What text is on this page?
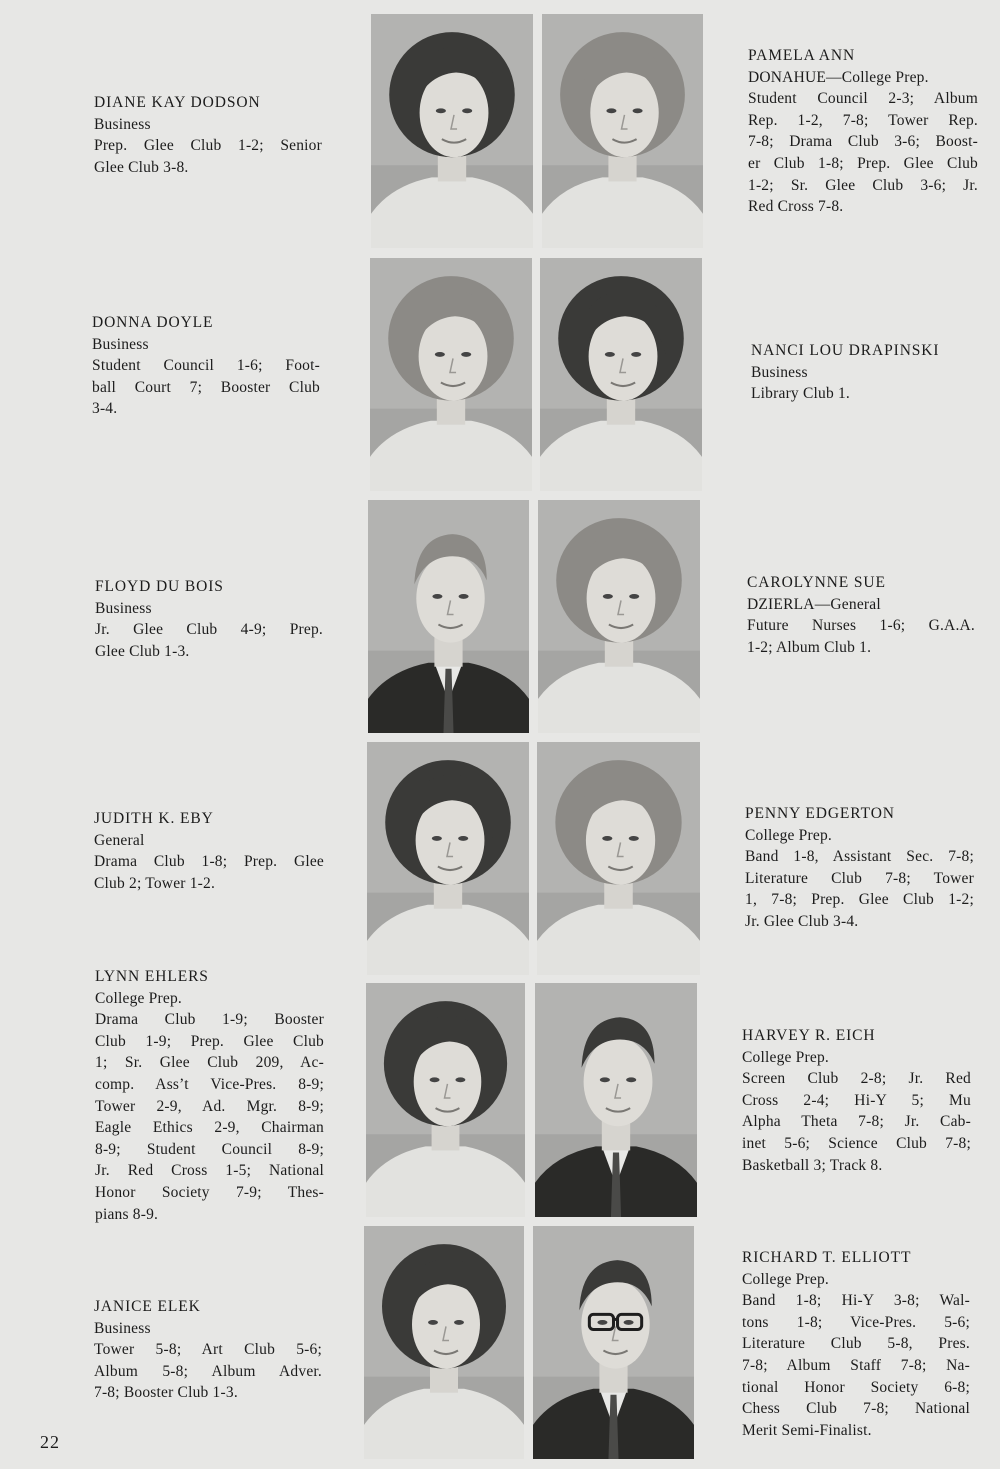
DIANE KAY DODSON
Business
Prep. Glee Club 1-2; Senior
Glee Club 3-8.
DONNA DOYLE
Business
Student Council 1-6; Foot-
ball Court 7; Booster Club
3-4.
FLOYD DU BOIS
Business
Jr. Glee Club 4-9; Prep.
Glee Club 1-3.
JUDITH K. EBY
General
Drama Club 1-8; Prep. Glee
Club 2; Tower 1-2.
LYNN EHLERS
College Prep.
Drama Club 1-9; Booster
Club 1-9; Prep. Glee Club
1; Sr. Glee Club 209, Ac-
comp. Ass’t Vice-Pres. 8-9;
Tower 2-9, Ad. Mgr. 8-9;
Eagle Ethics 2-9, Chairman
8-9; Student Council 8-9;
Jr. Red Cross 1-5; National
Honor Society 7-9; Thes-
pians 8-9.
JANICE ELEK
Business
Tower 5-8; Art Club 5-6;
Album 5-8; Album Adver.
7-8; Booster Club 1-3.
PAMELA ANN
DONAHUE—College Prep.
Student Council 2-3; Album
Rep. 1-2, 7-8; Tower Rep.
7-8; Drama Club 3-6; Boost-
er Club 1-8; Prep. Glee Club
1-2; Sr. Glee Club 3-6; Jr.
Red Cross 7-8.
NANCI LOU DRAPINSKI
Business
Library Club 1.
CAROLYNNE SUE
DZIERLA—General
Future Nurses 1-6; G.A.A.
1-2; Album Club 1.
PENNY EDGERTON
College Prep.
Band 1-8, Assistant Sec. 7-8;
Literature Club 7-8; Tower
1, 7-8; Prep. Glee Club 1-2;
Jr. Glee Club 3-4.
HARVEY R. EICH
College Prep.
Screen Club 2-8; Jr. Red
Cross 2-4; Hi-Y 5; Mu
Alpha Theta 7-8; Jr. Cab-
inet 5-6; Science Club 7-8;
Basketball 3; Track 8.
RICHARD T. ELLIOTT
College Prep.
Band 1-8; Hi-Y 3-8; Wal-
tons 1-8; Vice-Pres. 5-6;
Literature Club 5-8, Pres.
7-8; Album Staff 7-8; Na-
tional Honor Society 6-8;
Chess Club 7-8; National
Merit Semi-Finalist.
22
